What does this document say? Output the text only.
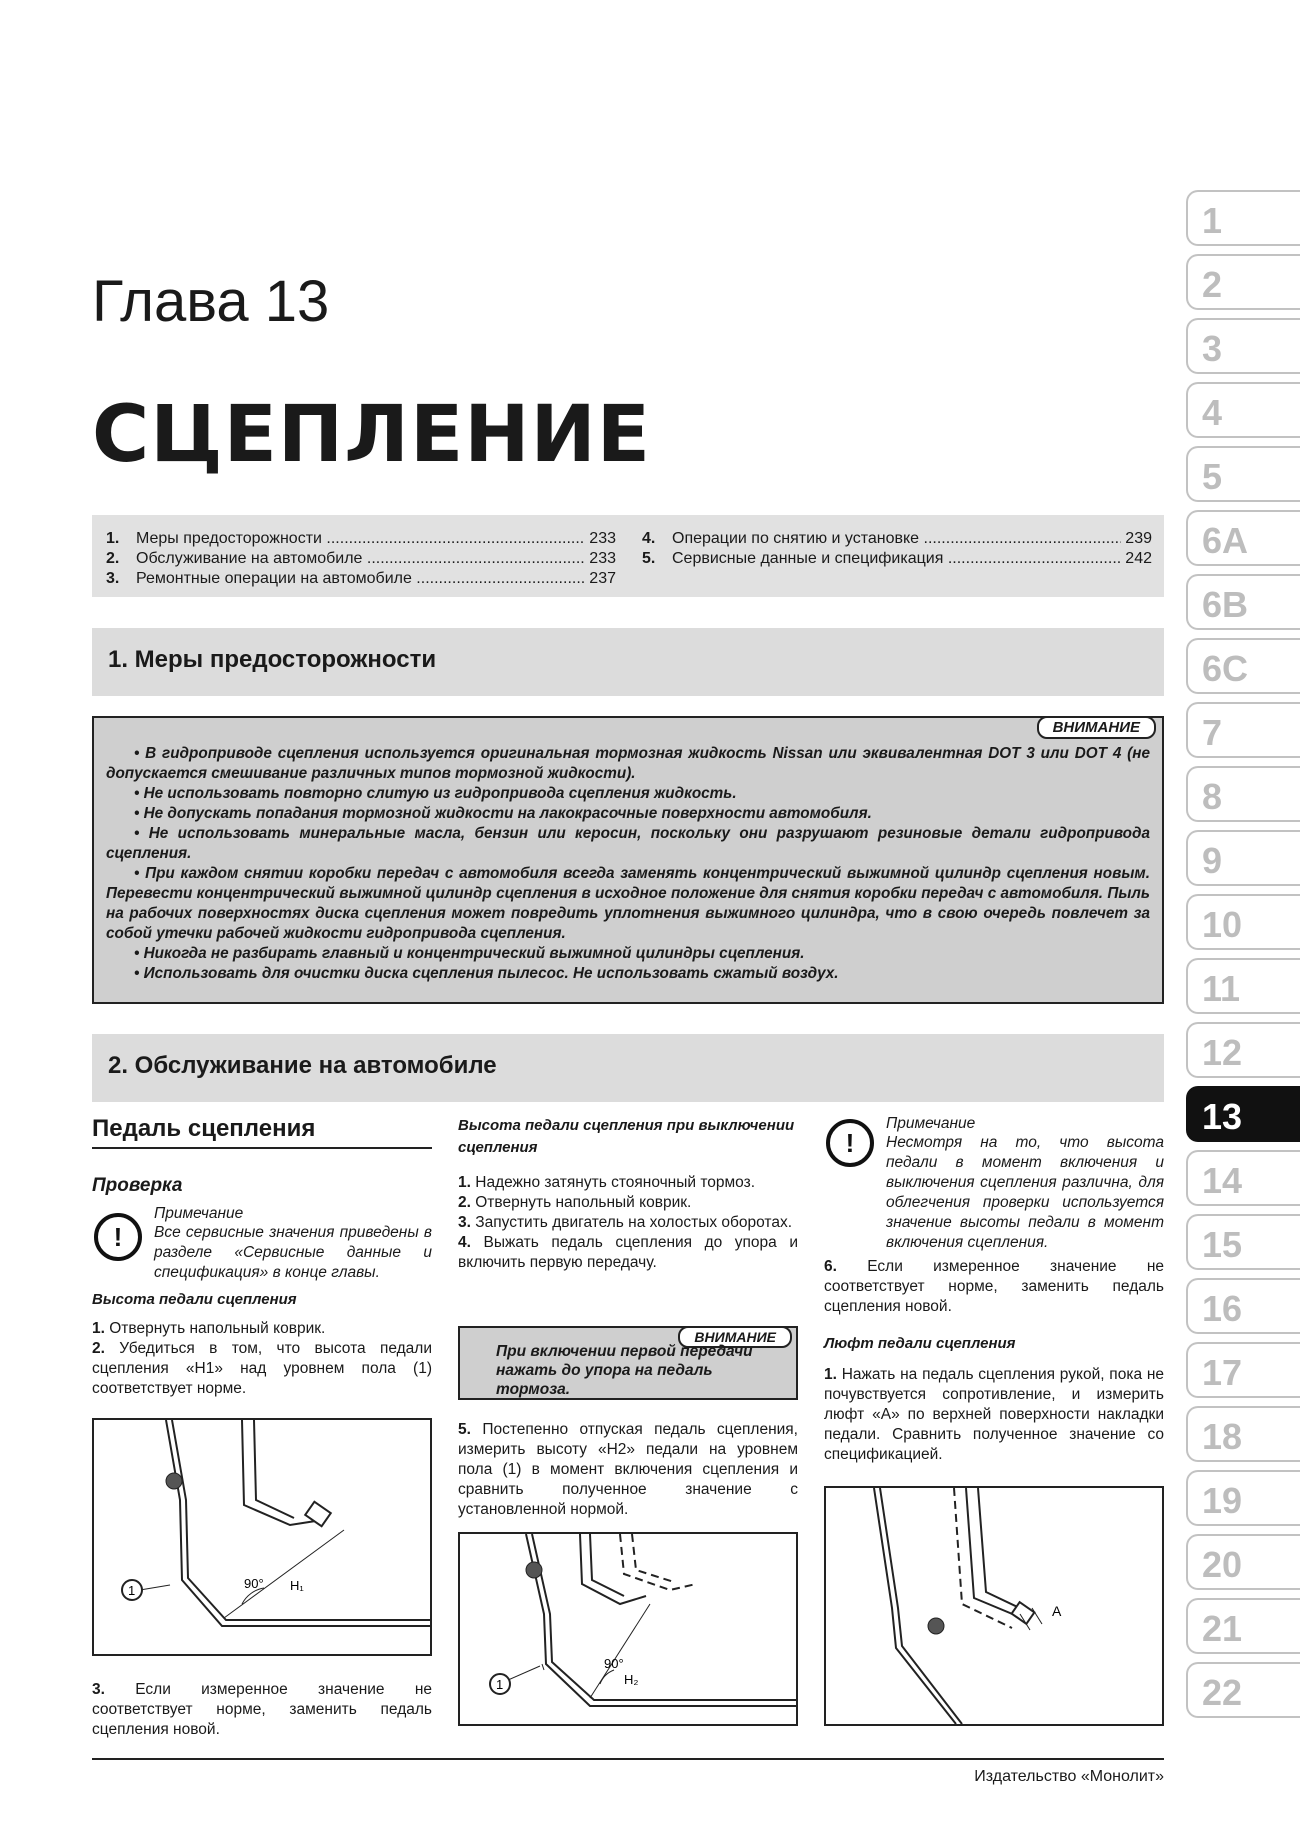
Глава 13
СЦЕПЛЕНИЕ
1.	Меры предосторожности .....	233
2.	Обслуживание на автомобиле .....	233
3.	Ремонтные операции на автомобиле .....	237
4.	Операции по снятию и установке .....	239
5.	Сервисные данные и спецификация .....	242
1. Меры предосторожности
ВНИМАНИЕ

• В гидроприводе сцепления используется оригинальная тормозная жидкость Nissan или эквивалентная DOT 3 или DOT 4 (не допускается смешивание различных типов тормозной жидкости).

• Не использовать повторно слитую из гидропривода сцепления жидкость.

• Не допускать попадания тормозной жидкости на лакокрасочные поверхности автомобиля.

• Не использовать минеральные масла, бензин или керосин, поскольку они разрушают резиновые детали гидропривода сцепления.

• При каждом снятии коробки передач с автомобиля всегда заменять концентрический выжимной цилиндр сцепления новым. Перевести концентрический выжимной цилиндр сцепления в исходное положение для снятия коробки передач с автомобиля. Пыль на рабочих поверхностях диска сцепления может повредить уплотнения выжимного цилиндра, что в свою очередь повлечет за собой утечки рабочей жидкости гидропривода сцепления.

• Никогда не разбирать главный и концентрический выжимной цилиндры сцепления.

• Использовать для очистки диска сцепления пылесос. Не использовать сжатый воздух.

2. Обслуживание на автомобиле
Педаль сцепления
Проверка
!
Примечание
Все сервисные значения приведены в разделе «Сервисные данные и спецификация» в конце главы.
Высота педали сцепления

1. Отвернуть напольный коврик.

2. Убедиться в том, что высота педали сцепления «H1» над уровнем пола (1) соответствует норме.

90° H₁
1

3. Если измеренное значение не соответствует норме, заменить педаль сцепления новой.

Высота педали сцепления при выключении сцепления

1. Надежно затянуть стояночный тормоз.

2. Отвернуть напольный коврик.

3. Запустить двигатель на холостых оборотах.

4. Выжать педаль сцепления до упора и включить первую передачу.

ВНИМАНИЕ
При включении первой передачи нажать до упора на педаль тормоза.

5. Постепенно отпуская педаль сцепления, измерить высоту «H2» педали на уровнем пола (1) в момент включения сцепления и сравнить полученное значение с установленной нормой.

90°
H₂
1
!
Примечание
Несмотря на то, что высота педали в момент включения и выключения сцепления различна, для облегчения проверки используется значение высоты педали в момент включения сцепления.

6. Если измеренное значение не соответствует норме, заменить педаль сцепления новой.

Люфт педали сцепления

1. Нажать на педаль сцепления рукой, пока не почувствуется сопротивление, и измерить люфт «A» по верхней поверхности накладки педали. Сравнить полученное значение со спецификацией.

A
1
2
3
4
5
6A
6B
6C
7
8
9
10
11
12
13
14
15
16
17
18
19
20
21
22
Издательство «Монолит»
